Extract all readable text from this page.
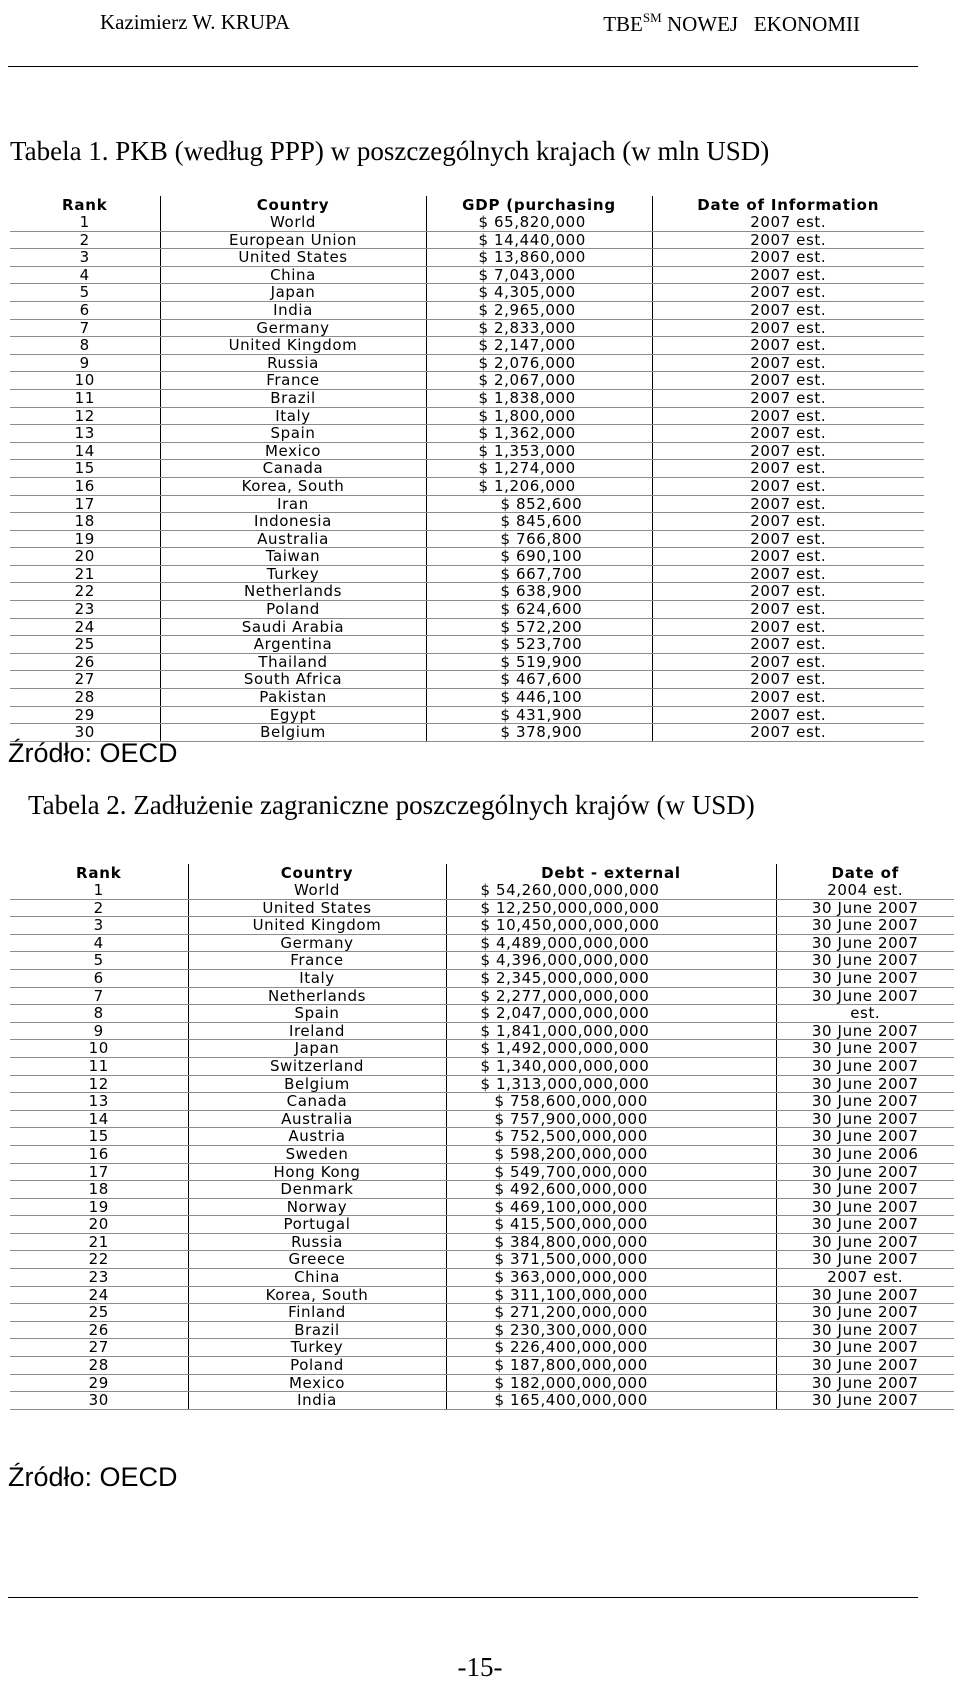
Kazimierz W. KRUPA	TBE℠ NOWEJ   EKONOMII
Tabela 1. PKB (według PPP) w poszczególnych krajach (w mln USD)
Rank	Country	GDP (purchasing	Date of Information
1	World	$ 65,820,000	2007 est.
2	European Union	$ 14,440,000	2007 est.
3	United States	$ 13,860,000	2007 est.
4	China	$ 7,043,000	2007 est.
5	Japan	$ 4,305,000	2007 est.
6	India	$ 2,965,000	2007 est.
7	Germany	$ 2,833,000	2007 est.
8	United Kingdom	$ 2,147,000	2007 est.
9	Russia	$ 2,076,000	2007 est.
10	France	$ 2,067,000	2007 est.
11	Brazil	$ 1,838,000	2007 est.
12	Italy	$ 1,800,000	2007 est.
13	Spain	$ 1,362,000	2007 est.
14	Mexico	$ 1,353,000	2007 est.
15	Canada	$ 1,274,000	2007 est.
16	Korea, South	$ 1,206,000	2007 est.
17	Iran	$ 852,600	2007 est.
18	Indonesia	$ 845,600	2007 est.
19	Australia	$ 766,800	2007 est.
20	Taiwan	$ 690,100	2007 est.
21	Turkey	$ 667,700	2007 est.
22	Netherlands	$ 638,900	2007 est.
23	Poland	$ 624,600	2007 est.
24	Saudi Arabia	$ 572,200	2007 est.
25	Argentina	$ 523,700	2007 est.
26	Thailand	$ 519,900	2007 est.
27	South Africa	$ 467,600	2007 est.
28	Pakistan	$ 446,100	2007 est.
29	Egypt	$ 431,900	2007 est.
30	Belgium	$ 378,900	2007 est.
Źródło: OECD
Tabela 2. Zadłużenie zagraniczne poszczególnych krajów (w USD)
Rank	Country	Debt - external	Date of
1	World	$ 54,260,000,000,000	2004 est.
2	United States	$ 12,250,000,000,000	30 June 2007
3	United Kingdom	$ 10,450,000,000,000	30 June 2007
4	Germany	$ 4,489,000,000,000	30 June 2007
5	France	$ 4,396,000,000,000	30 June 2007
6	Italy	$ 2,345,000,000,000	30 June 2007
7	Netherlands	$ 2,277,000,000,000	30 June 2007
8	Spain	$ 2,047,000,000,000	est.
9	Ireland	$ 1,841,000,000,000	30 June 2007
10	Japan	$ 1,492,000,000,000	30 June 2007
11	Switzerland	$ 1,340,000,000,000	30 June 2007
12	Belgium	$ 1,313,000,000,000	30 June 2007
13	Canada	$ 758,600,000,000	30 June 2007
14	Australia	$ 757,900,000,000	30 June 2007
15	Austria	$ 752,500,000,000	30 June 2007
16	Sweden	$ 598,200,000,000	30 June 2006
17	Hong Kong	$ 549,700,000,000	30 June 2007
18	Denmark	$ 492,600,000,000	30 June 2007
19	Norway	$ 469,100,000,000	30 June 2007
20	Portugal	$ 415,500,000,000	30 June 2007
21	Russia	$ 384,800,000,000	30 June 2007
22	Greece	$ 371,500,000,000	30 June 2007
23	China	$ 363,000,000,000	2007 est.
24	Korea, South	$ 311,100,000,000	30 June 2007
25	Finland	$ 271,200,000,000	30 June 2007
26	Brazil	$ 230,300,000,000	30 June 2007
27	Turkey	$ 226,400,000,000	30 June 2007
28	Poland	$ 187,800,000,000	30 June 2007
29	Mexico	$ 182,000,000,000	30 June 2007
30	India	$ 165,400,000,000	30 June 2007
Źródło: OECD
-15-
